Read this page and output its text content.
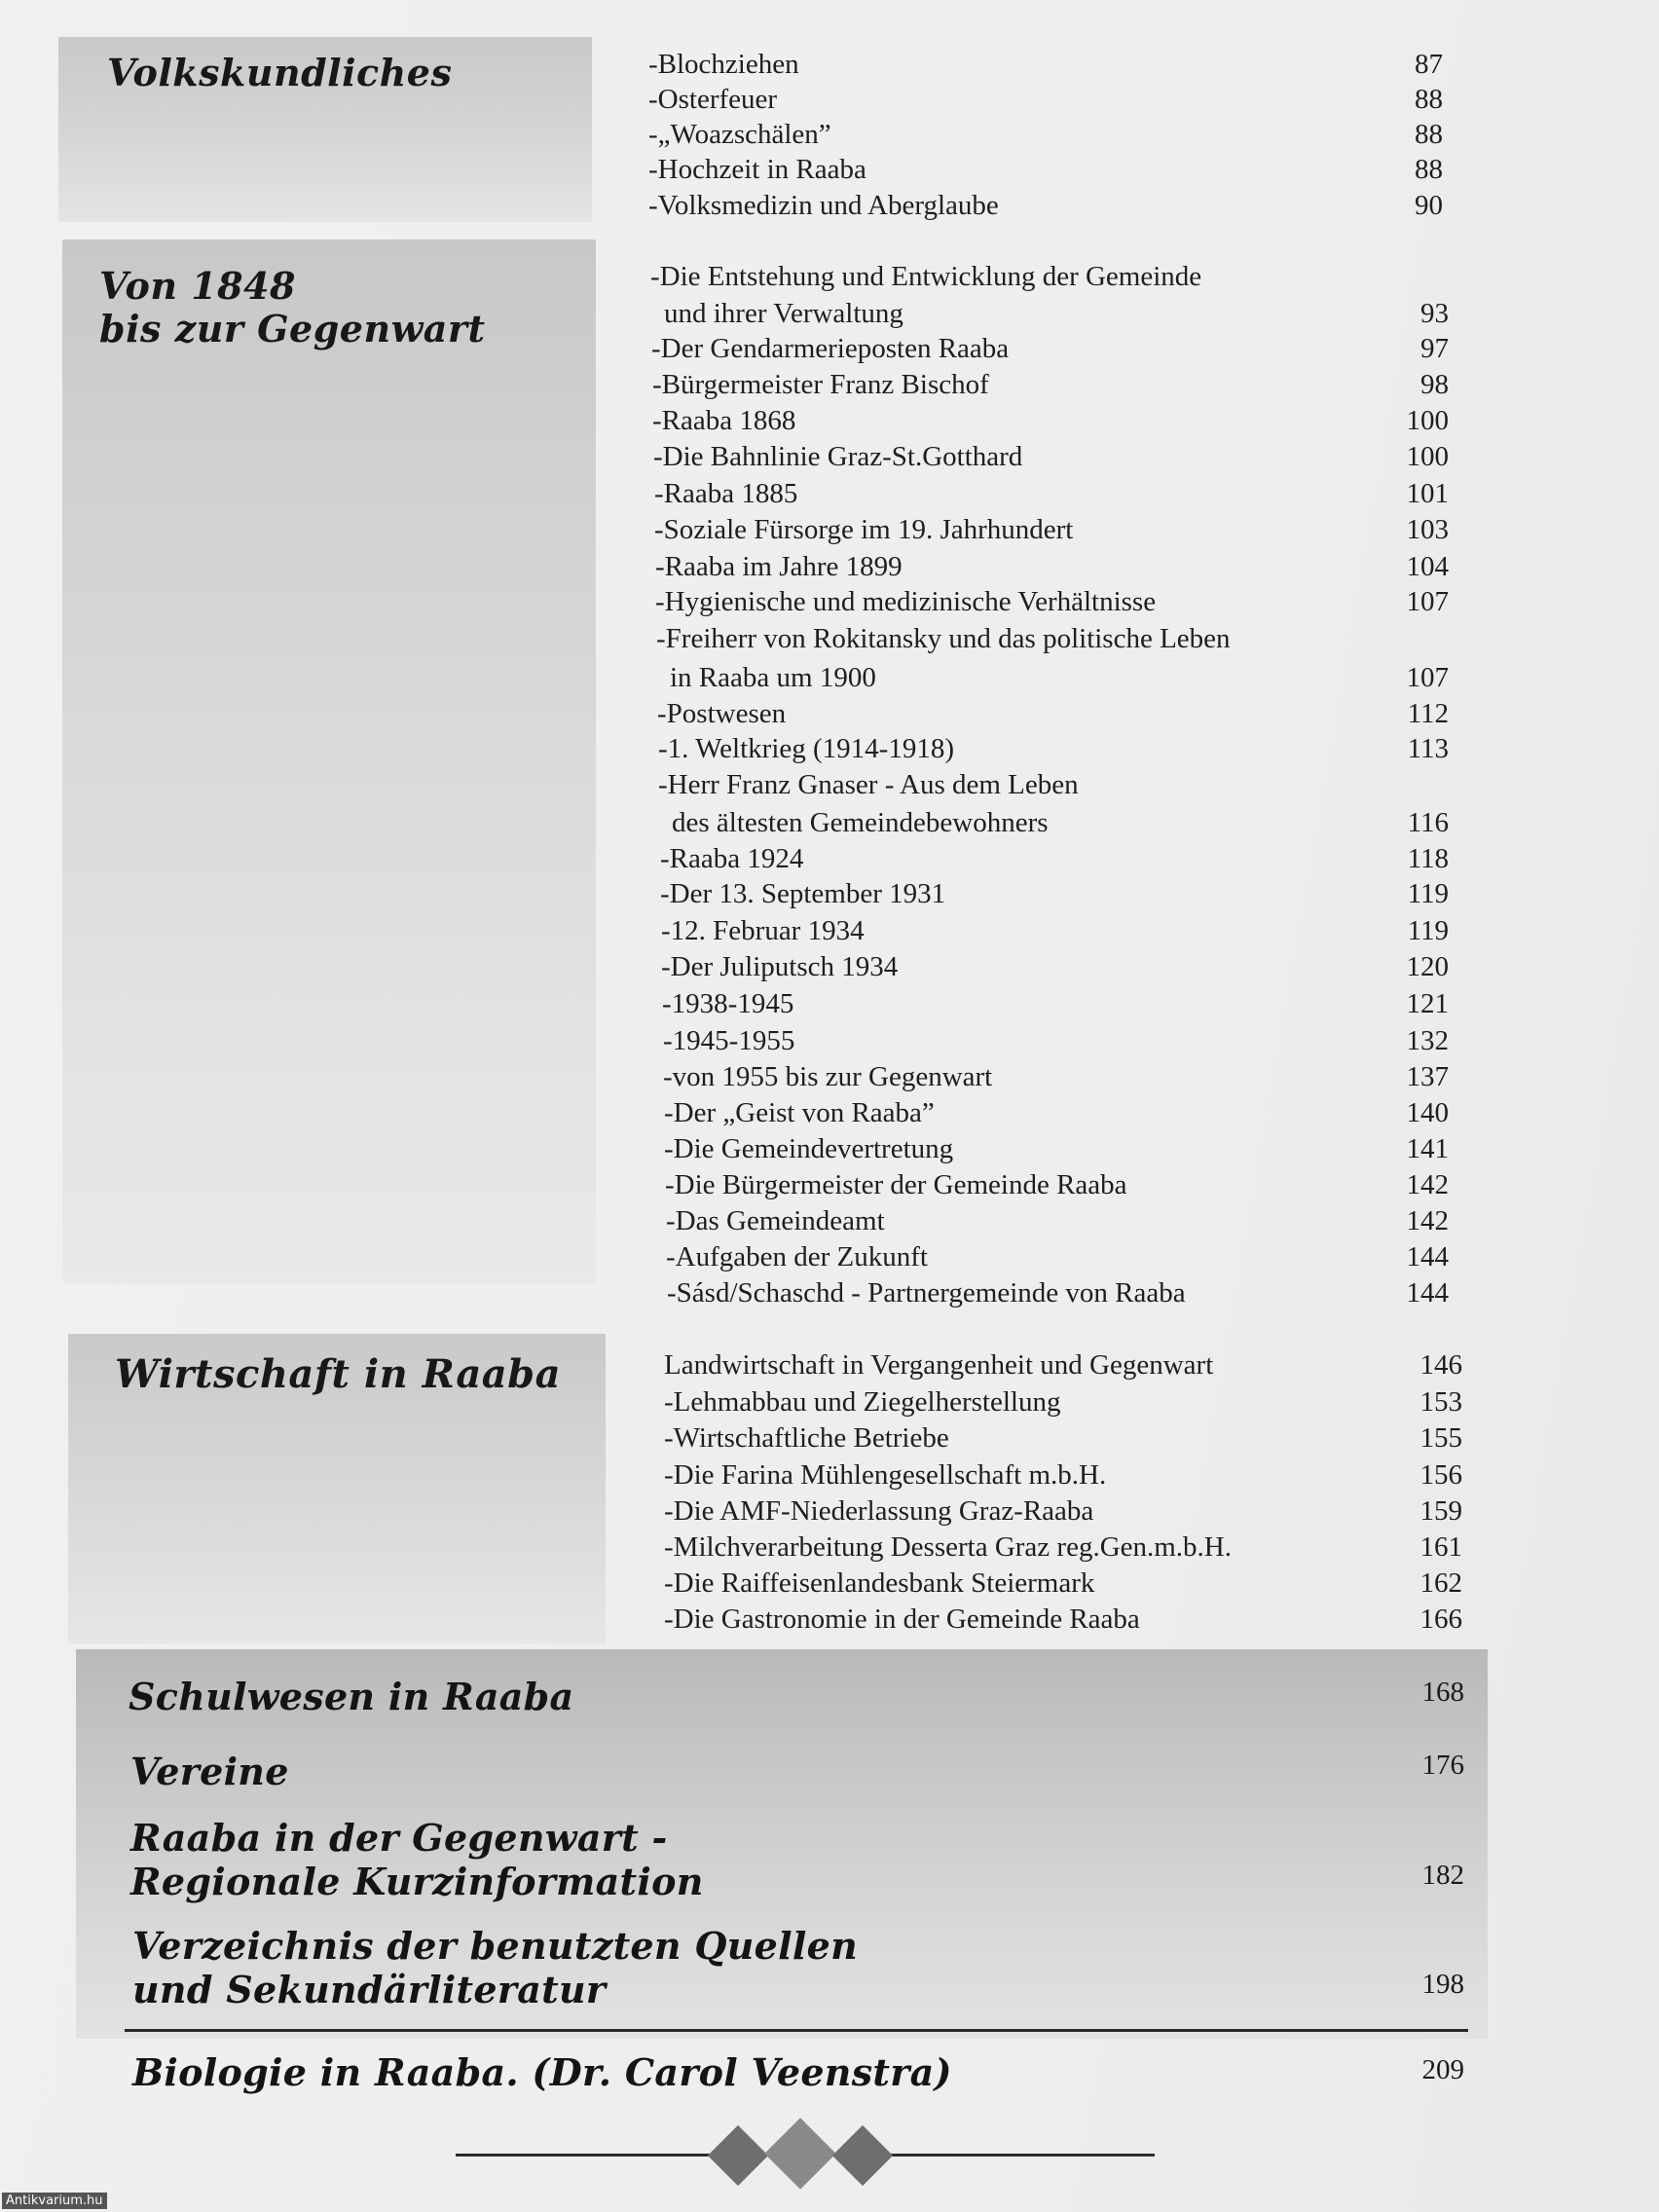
Volkskundliches	-Blochziehen	87
-Osterfeuer	88
-„Woazschälen”	88
-Hochzeit in Raaba	88
-Volksmedizin und Aberglaube	90
Von 1848
bis zur Gegenwart
-Die Entstehung und Entwicklung der Gemeinde
und ihrer Verwaltung	93
-Der Gendarmerieposten Raaba	97
-Bürgermeister Franz Bischof	98
-Raaba 1868	100
-Die Bahnlinie Graz-St.Gotthard	100
-Raaba 1885	101
-Soziale Fürsorge im 19. Jahrhundert	103
-Raaba im Jahre 1899	104
-Hygienische und medizinische Verhältnisse	107
-Freiherr von Rokitansky und das politische Leben
in Raaba um 1900	107
-Postwesen	112
-1. Weltkrieg (1914-1918)	113
-Herr Franz Gnaser - Aus dem Leben
des ältesten Gemeindebewohners	116
-Raaba 1924	118
-Der 13. September 1931	119
-12. Februar 1934	119
-Der Juliputsch 1934	120
-1938-1945	121
-1945-1955	132
-von 1955 bis zur Gegenwart	137
-Der „Geist von Raaba”	140
-Die Gemeindevertretung	141
-Die Bürgermeister der Gemeinde Raaba	142
-Das Gemeindeamt	142
-Aufgaben der Zukunft	144
-Sásd/Schaschd - Partnergemeinde von Raaba	144
Wirtschaft in Raaba	Landwirtschaft in Vergangenheit und Gegenwart	146
-Lehmabbau und Ziegelherstellung	153
-Wirtschaftliche Betriebe	155
-Die Farina Mühlengesellschaft m.b.H.	156
-Die AMF-Niederlassung Graz-Raaba	159
-Milchverarbeitung Desserta Graz reg.Gen.m.b.H.	161
-Die Raiffeisenlandesbank Steiermark	162
-Die Gastronomie in der Gemeinde Raaba	166
Schulwesen in Raaba	168
Vereine	176
Raaba in der Gegenwart -
Regionale Kurzinformation	182
Verzeichnis der benutzten Quellen
und Sekundärliteratur	198
Biologie in Raaba. (Dr. Carol Veenstra)	209
Antikvarium.hu
